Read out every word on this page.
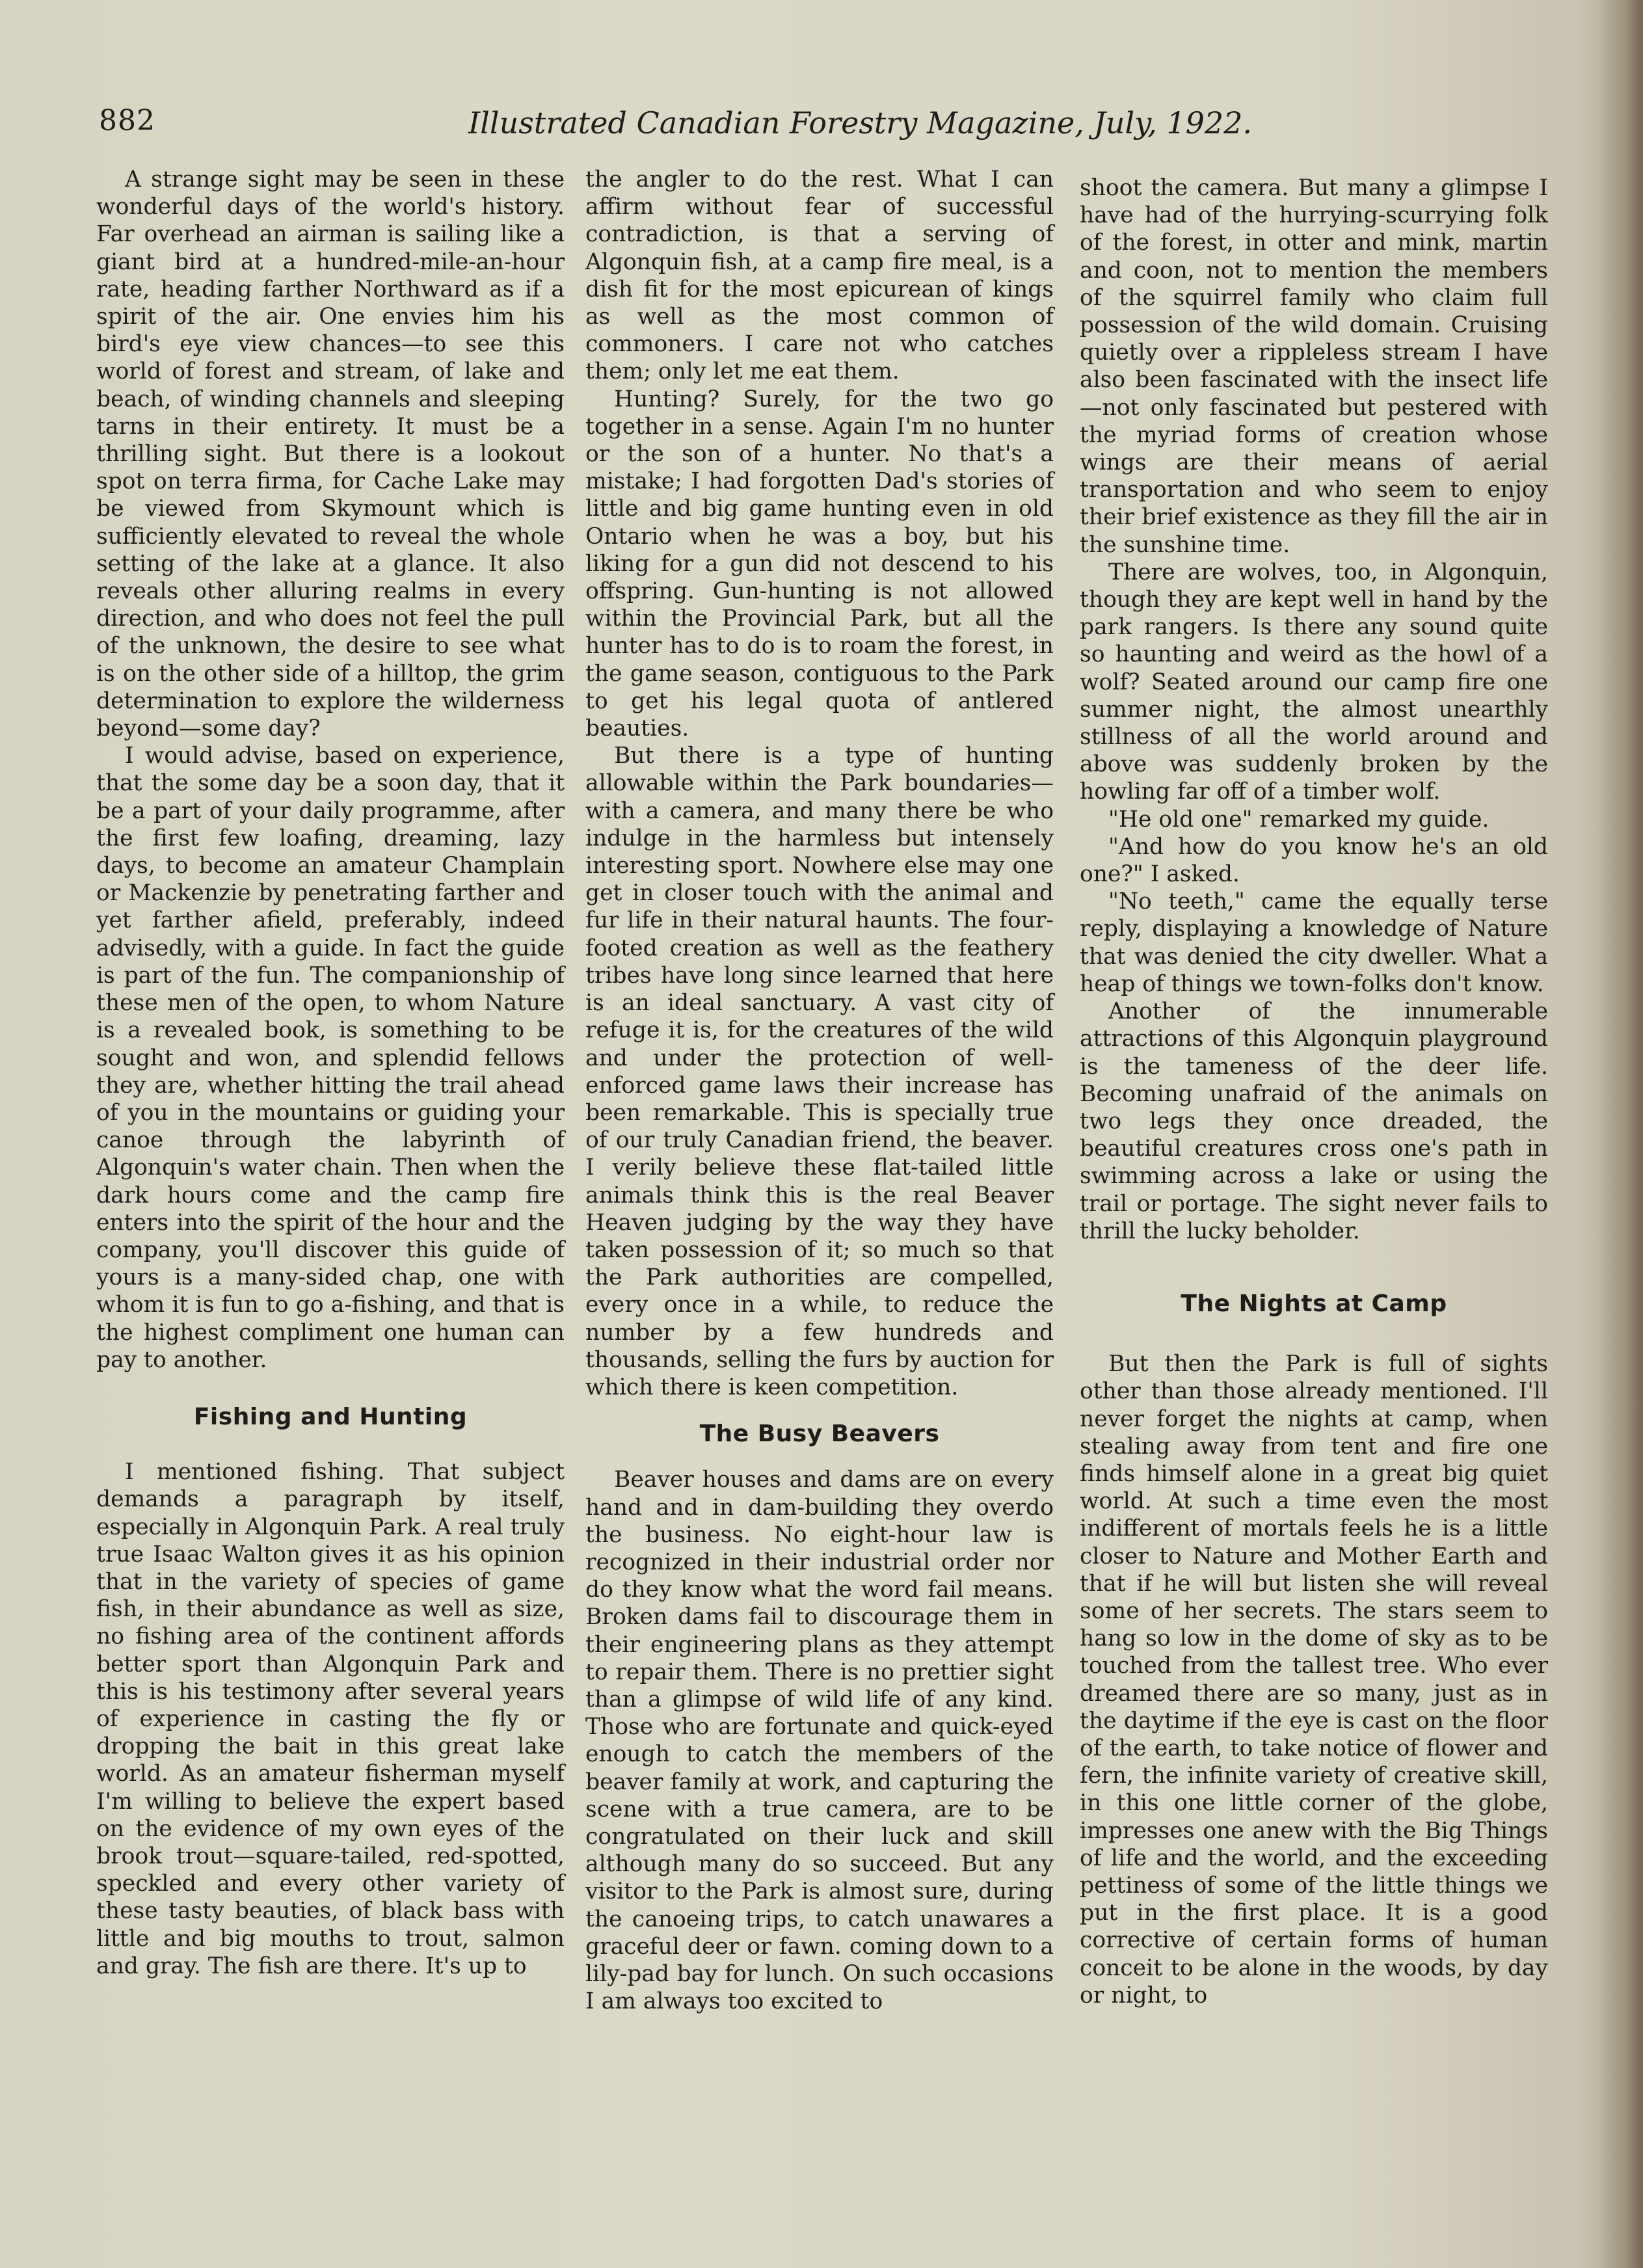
882	Illustrated Canadian Forestry Magazine, July, 1922.

A strange sight may be seen in these wonderful days of the world's history. Far overhead an airman is sailing like a giant bird at a hundred-mile-an-hour rate, heading farther Northward as if a spirit of the air. One envies him his bird's eye view chances—to see this world of forest and stream, of lake and beach, of winding channels and sleeping tarns in their entirety. It must be a thrilling sight. But there is a lookout spot on terra firma, for Cache Lake may be viewed from Skymount which is sufficiently elevated to reveal the whole setting of the lake at a glance. It also reveals other alluring realms in every direction, and who does not feel the pull of the unknown, the desire to see what is on the other side of a hilltop, the grim determination to explore the wilderness beyond—some day?

I would advise, based on experience, that the some day be a soon day, that it be a part of your daily programme, after the first few loafing, dreaming, lazy days, to become an amateur Champlain or Mackenzie by penetrating farther and yet farther afield, preferably, indeed advisedly, with a guide. In fact the guide is part of the fun. The companionship of these men of the open, to whom Nature is a revealed book, is something to be sought and won, and splendid fellows they are, whether hitting the trail ahead of you in the mountains or guiding your canoe through the labyrinth of Algonquin's water chain. Then when the dark hours come and the camp fire enters into the spirit of the hour and the company, you'll discover this guide of yours is a many-sided chap, one with whom it is fun to go a-fishing, and that is the highest compliment one human can pay to another.

Fishing and Hunting

I mentioned fishing. That subject demands a paragraph by itself, especially in Algonquin Park. A real truly true Isaac Walton gives it as his opinion that in the variety of species of game fish, in their abundance as well as size, no fishing area of the continent affords better sport than Algonquin Park and this is his testimony after several years of experience in casting the fly or dropping the bait in this great lake world. As an amateur fisherman myself I'm willing to believe the expert based on the evidence of my own eyes of the brook trout—square-tailed, red-spotted, speckled and every other variety of these tasty beauties, of black bass with little and big mouths to trout, salmon and gray. The fish are there. It's up to

the angler to do the rest. What I can affirm without fear of successful contradiction, is that a serving of Algonquin fish, at a camp fire meal, is a dish fit for the most epicurean of kings as well as the most common of commoners. I care not who catches them; only let me eat them.

Hunting? Surely, for the two go together in a sense. Again I'm no hunter or the son of a hunter. No that's a mistake; I had forgotten Dad's stories of little and big game hunting even in old Ontario when he was a boy, but his liking for a gun did not descend to his offspring. Gun-hunting is not allowed within the Provincial Park, but all the hunter has to do is to roam the forest, in the game season, contiguous to the Park to get his legal quota of antlered beauties.

But there is a type of hunting allowable within the Park boundaries—with a camera, and many there be who indulge in the harmless but intensely interesting sport. Nowhere else may one get in closer touch with the animal and fur life in their natural haunts. The four-footed creation as well as the feathery tribes have long since learned that here is an ideal sanctuary. A vast city of refuge it is, for the creatures of the wild and under the protection of well-enforced game laws their increase has been remarkable. This is specially true of our truly Canadian friend, the beaver. I verily believe these flat-tailed little animals think this is the real Beaver Heaven judging by the way they have taken possession of it; so much so that the Park authorities are compelled, every once in a while, to reduce the number by a few hundreds and thousands, selling the furs by auction for which there is keen competition.

The Busy Beavers

Beaver houses and dams are on every hand and in dam-building they overdo the business. No eight-hour law is recognized in their industrial order nor do they know what the word fail means. Broken dams fail to discourage them in their engineering plans as they attempt to repair them. There is no prettier sight than a glimpse of wild life of any kind. Those who are fortunate and quick-eyed enough to catch the members of the beaver family at work, and capturing the scene with a true camera, are to be congratulated on their luck and skill although many do so succeed. But any visitor to the Park is almost sure, during the canoeing trips, to catch unawares a graceful deer or fawn. coming down to a lily-pad bay for lunch. On such occasions I am always too excited to

shoot the camera. But many a glimpse I have had of the hurrying-scurrying folk of the forest, in otter and mink, martin and coon, not to mention the members of the squirrel family who claim full possession of the wild domain. Cruising quietly over a rippleless stream I have also been fascinated with the insect life—not only fascinated but pestered with the myriad forms of creation whose wings are their means of aerial transportation and who seem to enjoy their brief existence as they fill the air in the sunshine time.

There are wolves, too, in Algonquin, though they are kept well in hand by the park rangers. Is there any sound quite so haunting and weird as the howl of a wolf? Seated around our camp fire one summer night, the almost unearthly stillness of all the world around and above was suddenly broken by the howling far off of a timber wolf.

"He old one" remarked my guide.

"And how do you know he's an old one?" I asked.

"No teeth," came the equally terse reply, displaying a knowledge of Nature that was denied the city dweller. What a heap of things we town-folks don't know.

Another of the innumerable attractions of this Algonquin playground is the tameness of the deer life. Becoming unafraid of the animals on two legs they once dreaded, the beautiful creatures cross one's path in swimming across a lake or using the trail or portage. The sight never fails to thrill the lucky beholder.

The Nights at Camp

But then the Park is full of sights other than those already mentioned. I'll never forget the nights at camp, when stealing away from tent and fire one finds himself alone in a great big quiet world. At such a time even the most indifferent of mortals feels he is a little closer to Nature and Mother Earth and that if he will but listen she will reveal some of her secrets. The stars seem to hang so low in the dome of sky as to be touched from the tallest tree. Who ever dreamed there are so many, just as in the daytime if the eye is cast on the floor of the earth, to take notice of flower and fern, the infinite variety of creative skill, in this one little corner of the globe, impresses one anew with the Big Things of life and the world, and the exceeding pettiness of some of the little things we put in the first place. It is a good corrective of certain forms of human conceit to be alone in the woods, by day or night, to
